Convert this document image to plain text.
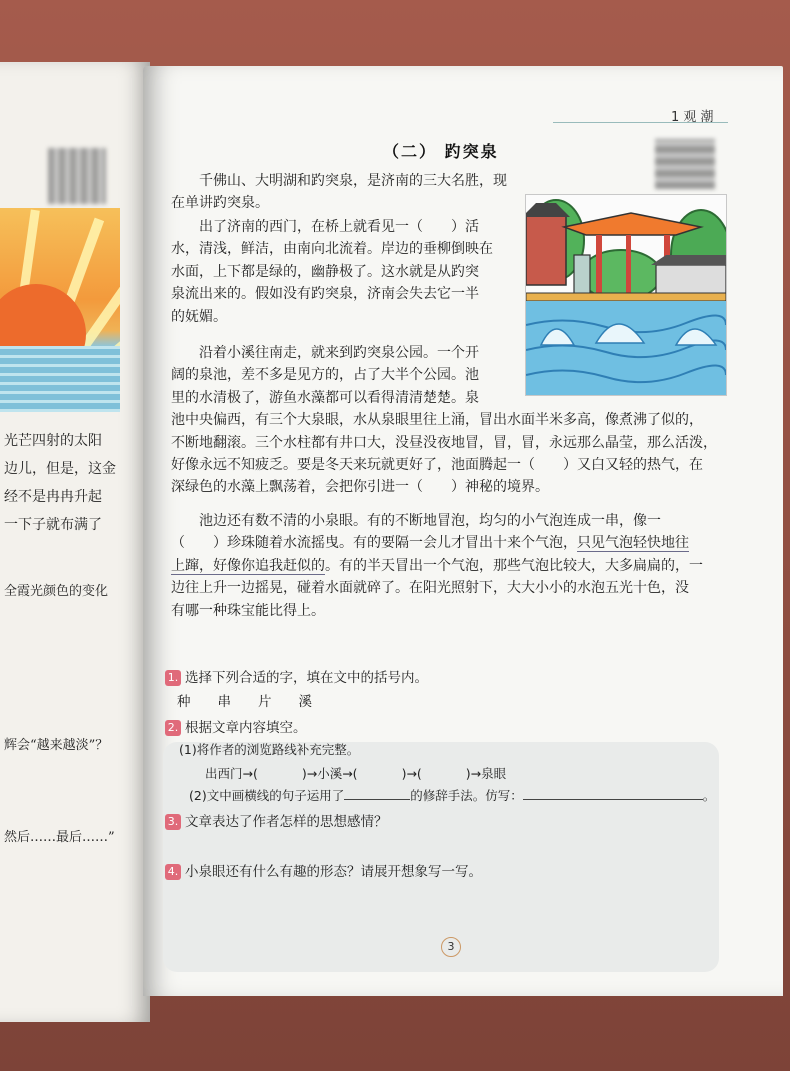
光芒四射的太阳
边儿，但是，这金
经不是冉冉升起
一下子就布满了
全霞光颜色的变化
辉会“越来越淡”？
然后……最后……”
1 观 潮
（二） 趵突泉
千佛山、大明湖和趵突泉，是济南的三大名胜，现
在单讲趵突泉。
出了济南的西门，在桥上就看见一（　　）活
水，清浅，鲜洁，由南向北流着。岸边的垂柳倒映在
水面，上下都是绿的，幽静极了。这水就是从趵突
泉流出来的。假如没有趵突泉，济南会失去它一半
的妩媚。
沿着小溪往南走，就来到趵突泉公园。一个开
阔的泉池，差不多是见方的，占了大半个公园。池
里的水清极了，游鱼水藻都可以看得清清楚楚。泉
池中央偏西，有三个大泉眼，水从泉眼里往上涌，冒出水面半米多高，像煮沸了似的，
不断地翻滚。三个水柱都有井口大，没昼没夜地冒，冒，冒，永远那么晶莹，那么活泼，
好像永远不知疲乏。要是冬天来玩就更好了，池面腾起一（　　）又白又轻的热气，在
深绿色的水藻上飘荡着，会把你引进一（　　）神秘的境界。
池边还有数不清的小泉眼。有的不断地冒泡，均匀的小气泡连成一串，像一
（　　）珍珠随着水流摇曳。有的要隔一会儿才冒出十来个气泡，只见气泡轻快地往
上蹿，好像你追我赶似的。有的半天冒出一个气泡，那些气泡比较大，大多扁扁的，一
边往上升一边摇晃，碰着水面就碎了。在阳光照射下，大大小小的水泡五光十色，没
有哪一种珠宝能比得上。
1. 选择下列合适的字，填在文中的括号内。
种　　串　　片　　溪
2. 根据文章内容填空。
(1)将作者的浏览路线补充完整。
出西门→(	)→小溪→(	)→(	)→泉眼
(2)文中画横线的句子运用了	的修辞手法。仿写：	。
3. 文章表达了作者怎样的思想感情？
4. 小泉眼还有什么有趣的形态？请展开想象写一写。
3
